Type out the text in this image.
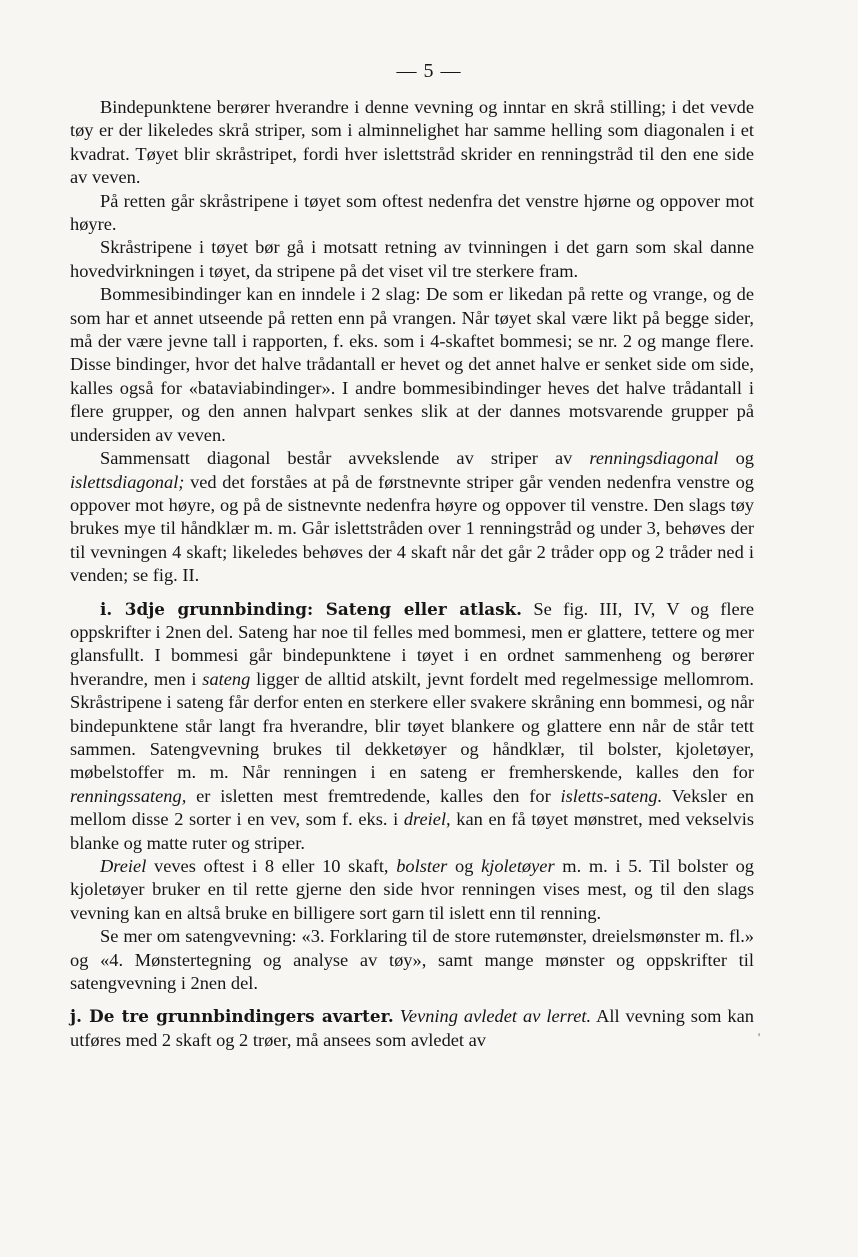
— 5 —

Bindepunktene berører hverandre i denne vevning og inntar en skrå stilling; i det vevde tøy er der likeledes skrå striper, som i alminnelighet har samme helling som diagonalen i et kvadrat. Tøyet blir skråstripet, fordi hver islettstråd skrider en renningstråd til den ene side av veven.

På retten går skråstripene i tøyet som oftest nedenfra det venstre hjørne og oppover mot høyre.

Skråstripene i tøyet bør gå i motsatt retning av tvinningen i det garn som skal danne hovedvirkningen i tøyet, da stripene på det viset vil tre sterkere fram.

Bommesibindinger kan en inndele i 2 slag: De som er likedan på rette og vrange, og de som har et annet utseende på retten enn på vrangen. Når tøyet skal være likt på begge sider, må der være jevne tall i rapporten, f. eks. som i 4-skaftet bommesi; se nr. 2 og mange flere. Disse bindinger, hvor det halve trådantall er hevet og det annet halve er senket side om side, kalles også for «bataviabindinger». I andre bommesibindinger heves det halve trådantall i flere grupper, og den annen halvpart senkes slik at der dannes motsvarende grupper på undersiden av veven.

Sammensatt diagonal består avvekslende av striper av renningsdiagonal og islettsdiagonal; ved det forståes at på de førstnevnte striper går venden nedenfra venstre og oppover mot høyre, og på de sistnevnte nedenfra høyre og oppover til venstre. Den slags tøy brukes mye til håndklær m. m. Går islettstråden over 1 renningstråd og under 3, behøves der til vevningen 4 skaft; likeledes behøves der 4 skaft når det går 2 tråder opp og 2 tråder ned i venden; se fig. II.

i. 3dje grunnbinding: Sateng eller atlask. Se fig. III, IV, V og flere oppskrifter i 2nen del. Sateng har noe til felles med bommesi, men er glattere, tettere og mer glansfullt. I bommesi går bindepunktene i tøyet i en ordnet sammenheng og berører hverandre, men i sateng ligger de alltid atskilt, jevnt fordelt med regelmessige mellomrom. Skråstripene i sateng får derfor enten en sterkere eller svakere skråning enn bommesi, og når bindepunktene står langt fra hverandre, blir tøyet blankere og glattere enn når de står tett sammen. Satengvevning brukes til dekketøyer og håndklær, til bolster, kjoletøyer, møbelstoffer m. m. Når renningen i en sateng er fremherskende, kalles den for renningssateng, er isletten mest fremtredende, kalles den for isletts-sateng. Veksler en mellom disse 2 sorter i en vev, som f. eks. i dreiel, kan en få tøyet mønstret, med vekselvis blanke og matte ruter og striper.

Dreiel veves oftest i 8 eller 10 skaft, bolster og kjoletøyer m. m. i 5. Til bolster og kjoletøyer bruker en til rette gjerne den side hvor renningen vises mest, og til den slags vevning kan en altså bruke en billigere sort garn til islett enn til renning.

Se mer om satengvevning: «3. Forklaring til de store rutemønster, dreielsmønster m. fl.» og «4. Mønstertegning og analyse av tøy», samt mange mønster og oppskrifter til satengvevning i 2nen del.

j. De tre grunnbindingers avarter. Vevning avledet av lerret. All vevning som kan utføres med 2 skaft og 2 trøer, må ansees som avledet av	'
